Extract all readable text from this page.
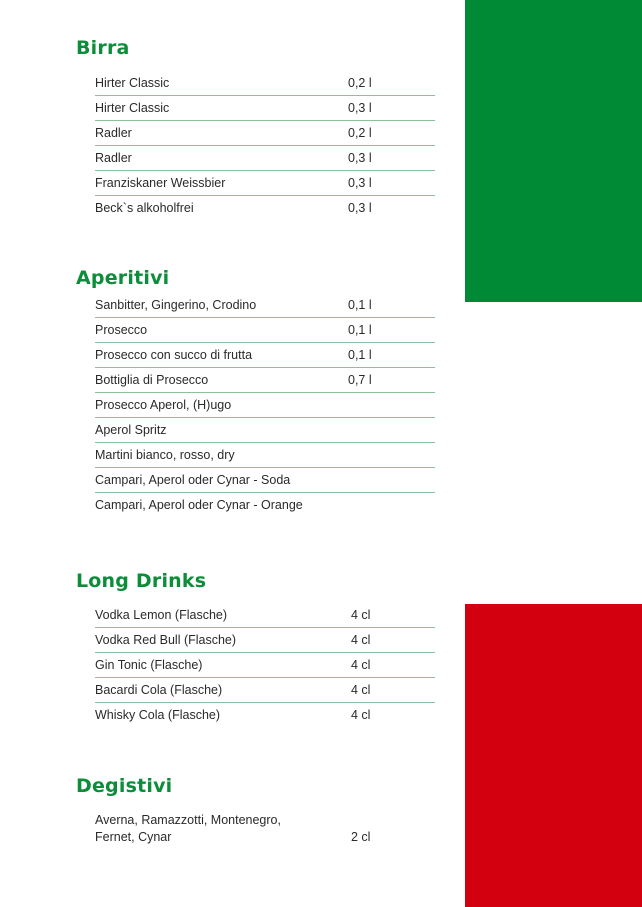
Birra
Hirter Classic	0,2 l
Hirter Classic	0,3 l
Radler	0,2 l
Radler	0,3 l
Franziskaner Weissbier	0,3 l
Beck`s alkoholfrei	0,3 l
Aperitivi
Sanbitter, Gingerino, Crodino	0,1 l
Prosecco	0,1 l
Prosecco con succo di frutta	0,1 l
Bottiglia di Prosecco	0,7 l
Prosecco Aperol, (H)ugo
Aperol Spritz
Martini bianco, rosso, dry
Campari, Aperol oder Cynar - Soda
Campari, Aperol oder Cynar - Orange
Long Drinks
Vodka Lemon (Flasche)	4 cl
Vodka Red Bull (Flasche)	4 cl
Gin Tonic (Flasche)	4 cl
Bacardi Cola (Flasche)	4 cl
Whisky Cola (Flasche)	4 cl
Degistivi
Averna, Ramazzotti, Montenegro,
Fernet, Cynar	2 cl
